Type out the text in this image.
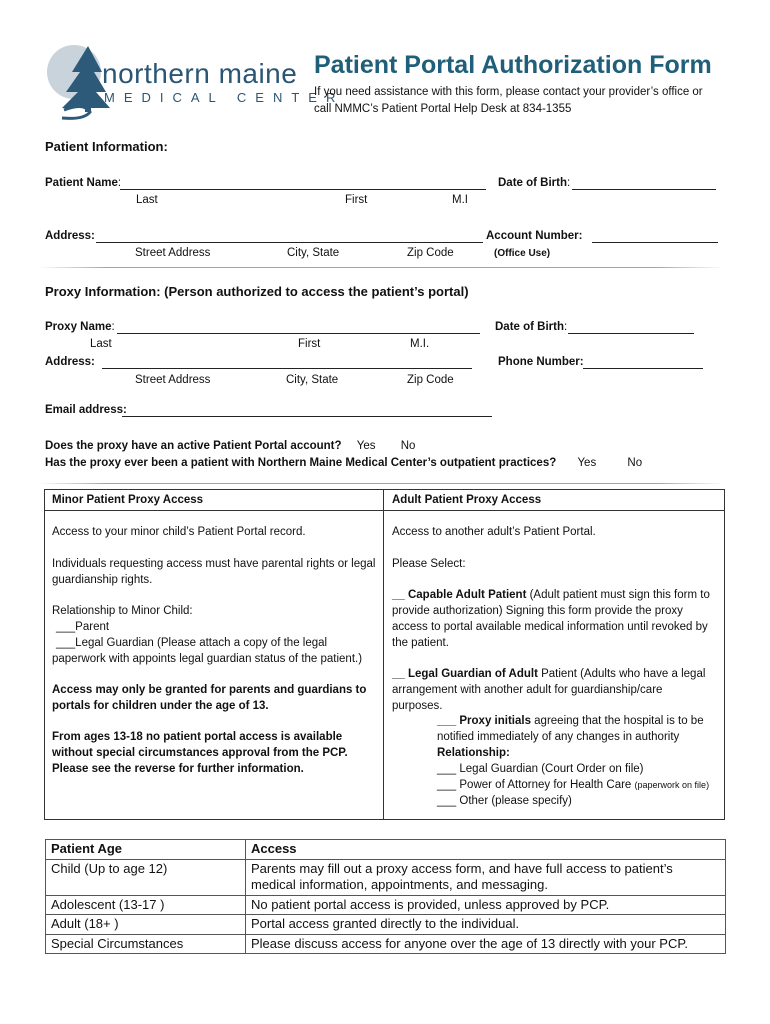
northern maine
MEDICAL CENTER
Patient Portal Authorization Form
If you need assistance with this form, please contact your provider’s office or
call NMMC’s Patient Portal Help Desk at 834-1355
Patient Information:
Patient Name:
Last	First	M.I
Date of Birth:
Address:
Street Address	City, State	Zip Code
Account Number:
(Office Use)
Proxy Information: (Person authorized to access the patient’s portal)
Proxy Name:
Last	First	M.I.
Date of Birth:
Address:
Street Address	City, State	Zip Code
Phone Number:
Email address:
Does the proxy have an active Patient Portal account? Yes No
Has the proxy ever been a patient with Northern Maine Medical Center’s outpatient practices? Yes	No
Minor Patient Proxy Access
Access to your minor child’s Patient Portal record.
Individuals requesting access must have parental rights or legal guardianship rights.
Relationship to Minor Child:
___Parent
___Legal Guardian (Please attach a copy of the legal paperwork with appoints legal guardian status of the patient.)
Access may only be granted for parents and guardians to portals for children under the age of 13.
From ages 13-18 no patient portal access is available without special circumstances approval from the PCP. Please see the reverse for further information.
Adult Patient Proxy Access
Access to another adult’s Patient Portal.
Please Select:
__ Capable Adult Patient (Adult patient must sign this form to provide authorization) Signing this form provide the proxy access to portal available medical information until revoked by the patient.
__ Legal Guardian of Adult Patient (Adults who have a legal arrangement with another adult for guardianship/care purposes.
___ Proxy initials agreeing that the hospital is to be notified immediately of any changes in authority
Relationship:
___ Legal Guardian (Court Order on file)
___ Power of Attorney for Health Care (paperwork on file)
___ Other (please specify)
Patient Age	Access
Child (Up to age 12)	Parents may fill out a proxy access form, and have full access to patient’s medical information, appointments, and messaging.
Adolescent (13-17 )	No patient portal access is provided, unless approved by PCP.
Adult (18+ )	Portal access granted directly to the individual.
Special Circumstances	Please discuss access for anyone over the age of 13 directly with your PCP.
